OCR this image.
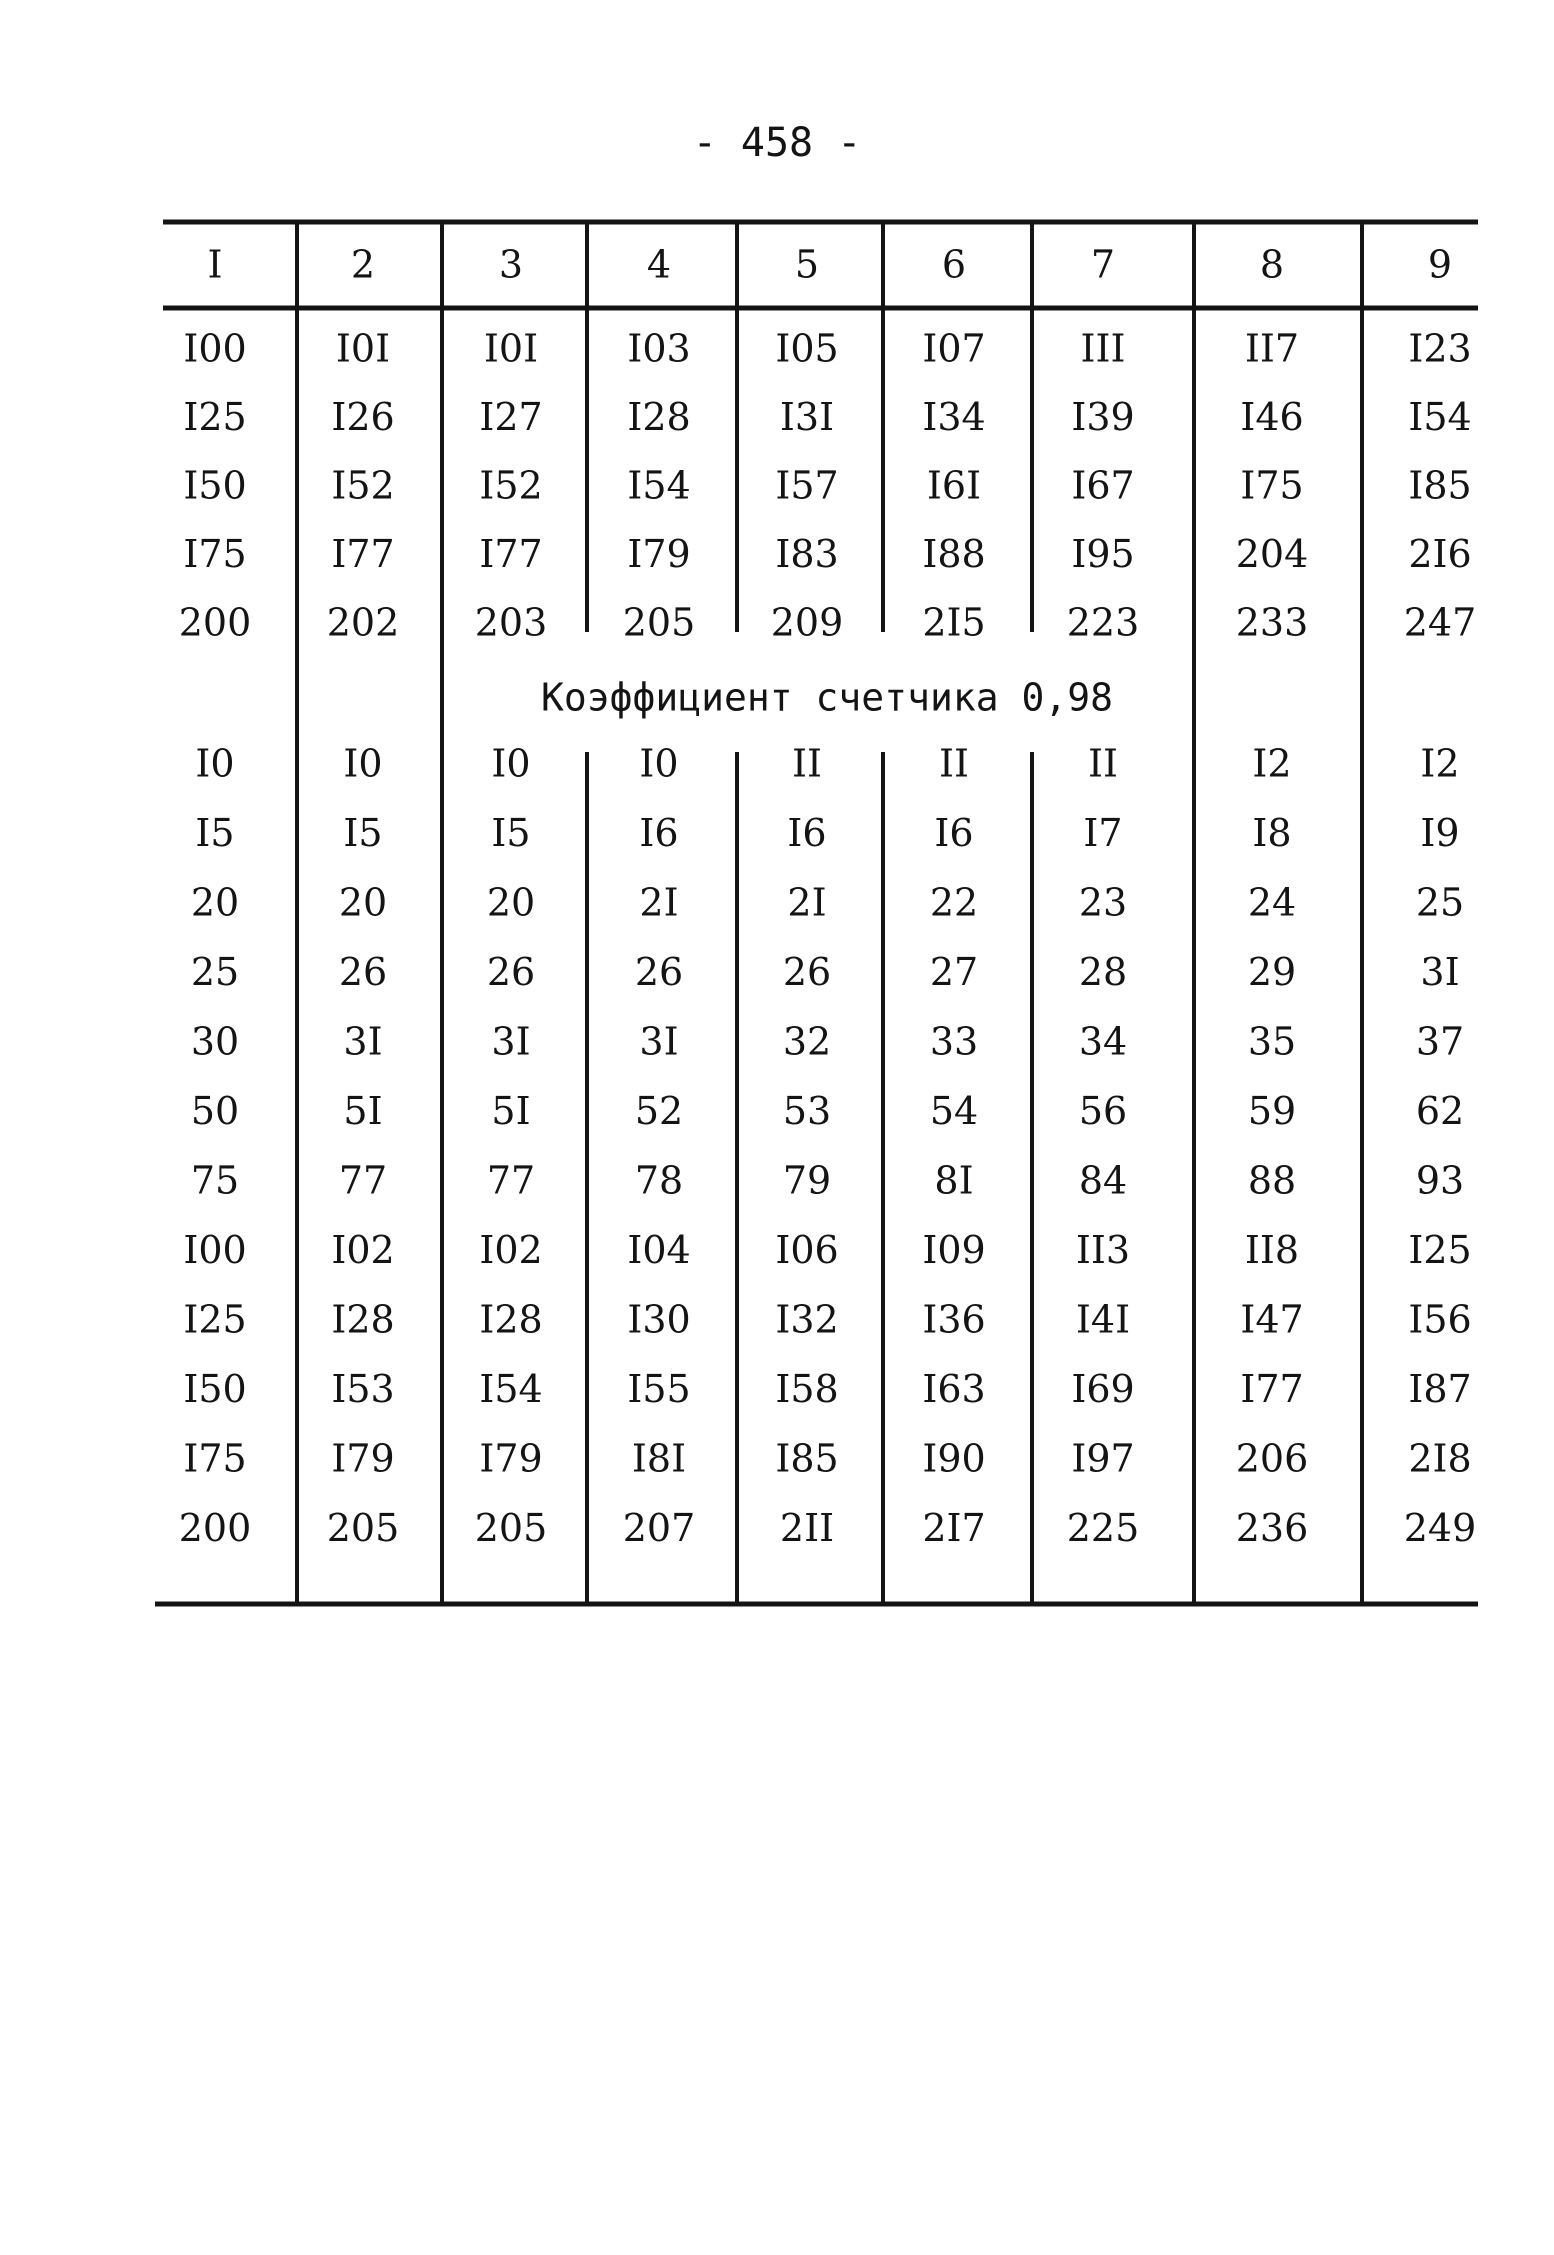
- 458 -
I	2	3	4	5	6	7	8	9
I00 I0I I0I I03 I05 I07 III	II7	I23
I25 I26 I27 I28 I3I I34 I39	I46	I54
I50 I52 I52 I54 I57 I6I I67	I75	I85
I75 I77 I77 I79 I83 I88 I95	204	2I6
200 202 203 205 209 2I5 223	233	247
Коэффициент счетчика 0,98
I0	I0	I0	I0	II	II	II	I2	I2
I5	I5	I5	I6	I6	I6	I7	I8	I9
20	20	20	2I	2I	22	23	24	25
25	26	26	26	26	27	28	29	3I
30	3I	3I	3I	32	33	34	35	37
50	5I	5I	52	53	54	56	59	62
75	77	77	78	79	8I	84	88	93
I00 I02 I02 I04 I06 I09 II3	II8	I25
I25 I28 I28 I30 I32 I36 I4I	I47	I56
I50 I53 I54 I55 I58 I63 I69	I77	I87
I75 I79 I79 I8I I85 I90 I97	206	2I8
200 205 205 207 2II 2I7 225	236	249
